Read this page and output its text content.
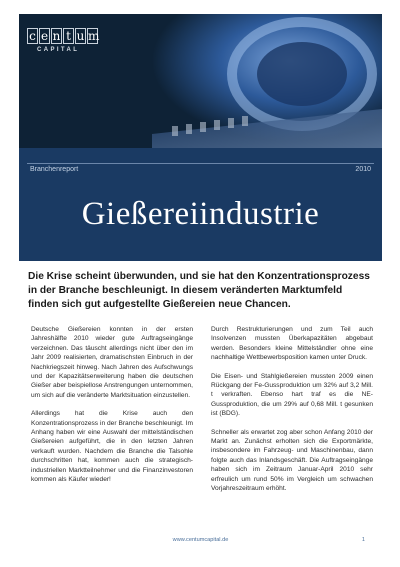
c e n t u m
CAPITAL
Branchenreport	2010
Gießereiindustrie
Die Krise scheint überwunden, und sie hat den Konzentrationsprozess in der Branche beschleunigt. In diesem veränderten Marktumfeld finden sich gut aufgestellte Gießereien neue Chancen.

Deutsche Gießereien konnten in der ersten Jahreshälfte 2010 wieder gute Auftragseingänge verzeichnen. Das täuscht allerdings nicht über den im Jahr 2009 realisierten, dramatischsten Einbruch in der Nachkriegszeit hinweg. Nach Jahren des Aufschwungs und der Kapazitätserweiterung haben die deutschen Gießer aber beispiellose Anstrengungen unternommen, um sich auf die veränderte Marktsituation einzustellen.

Allerdings hat die Krise auch den Konzentrationsprozess in der Branche beschleunigt. Im Anhang haben wir eine Auswahl der mittelständischen Gießereien aufgeführt, die in den letzten Jahren verkauft wurden. Nachdem die Branche die Talsohle durchschritten hat, kommen auch die strategisch-industriellen Marktteilnehmer und die Finanzinvestoren kommen als Käufer wieder!

Durch Restrukturierungen und zum Teil auch Insolvenzen mussten Überkapazitäten abgebaut werden. Besonders kleine Mittelständler ohne eine nachhaltige Wettbewerbsposition kamen unter Druck.

Die Eisen- und Stahlgießereien mussten 2009 einen Rückgang der Fe-Gussproduktion um 32% auf 3,2 Mill. t verkraften. Ebenso hart traf es die NE-Gussproduktion, die um 29% auf 0,68 Mill. t gesunken ist (BDG).

Schneller als erwartet zog aber schon Anfang 2010 der Markt an. Zunächst erholten sich die Exportmärkte, insbesondere im Fahrzeug- und Maschinenbau, dann folgte auch das Inlandsgeschäft. Die Auftragseingänge haben sich im Zeitraum Januar-April 2010 sehr erfreulich um rund 50% im Vergleich um schwachen Vorjahreszeitraum erhöht.

www.centumcapital.de	1
